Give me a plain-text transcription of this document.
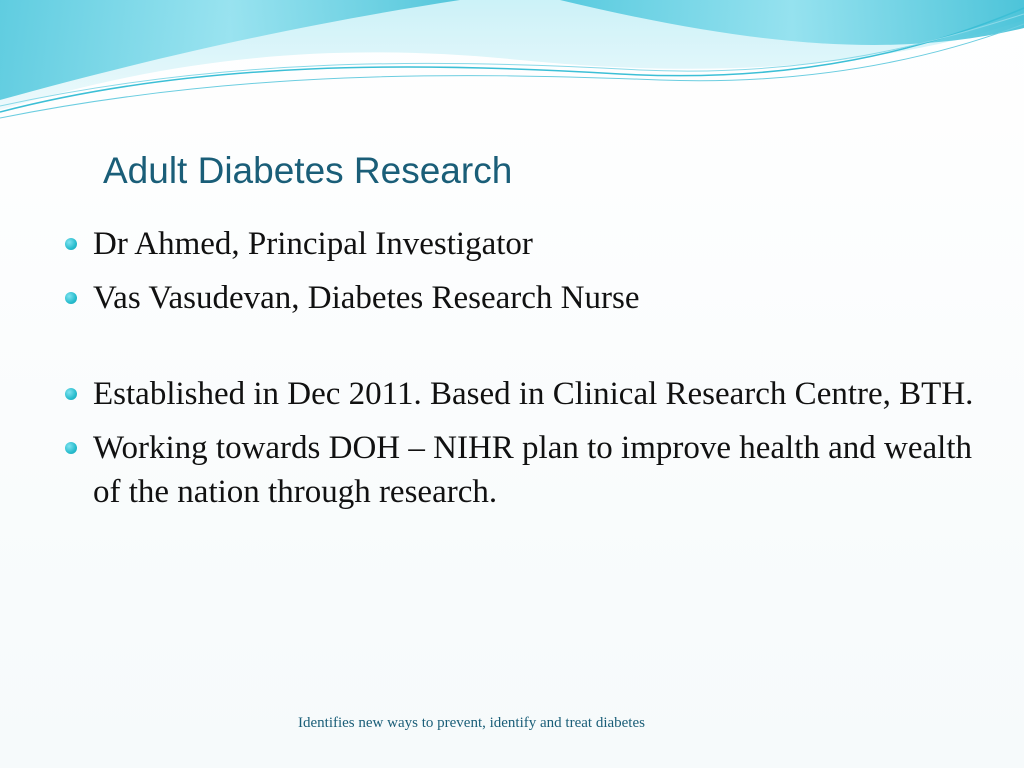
Adult Diabetes Research
Dr Ahmed, Principal Investigator
Vas Vasudevan, Diabetes Research Nurse
Established in Dec 2011. Based in Clinical Research Centre, BTH.
Working towards DOH – NIHR plan to improve health and wealth of the nation through research.
Identifies new ways to prevent, identify and treat diabetes
